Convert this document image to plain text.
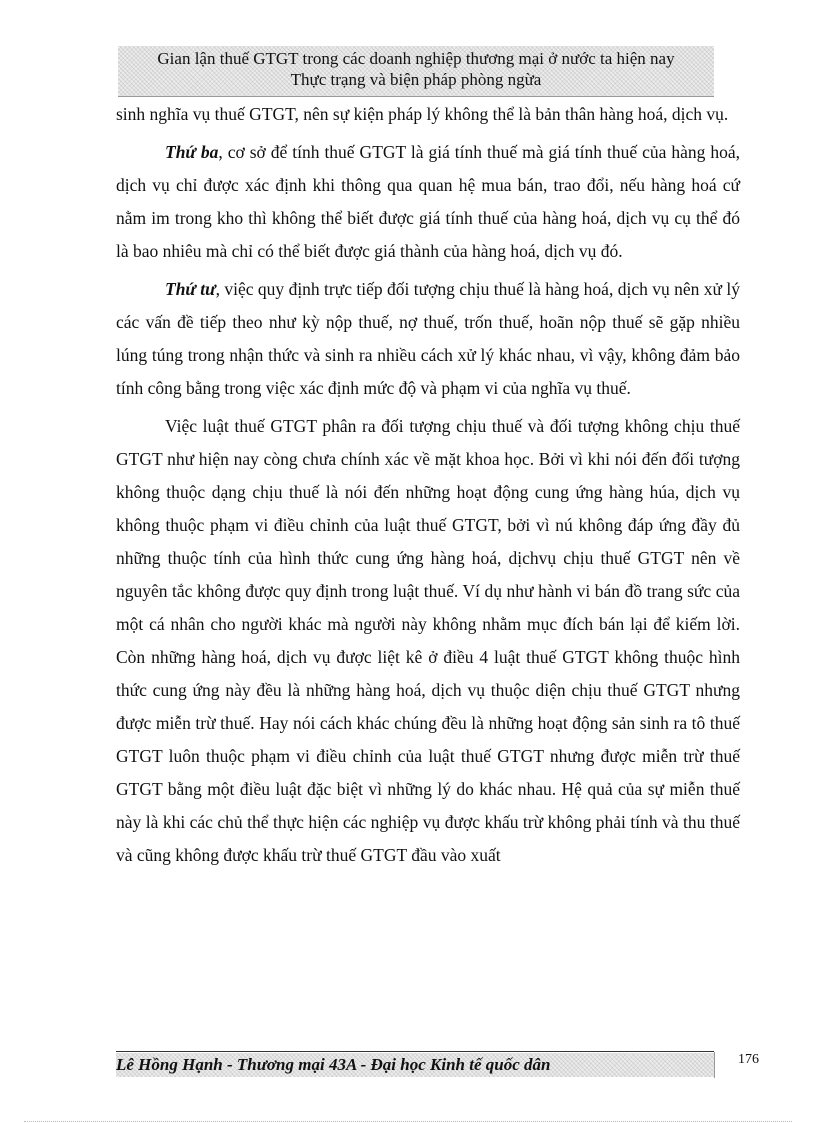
Gian lận thuế GTGT trong các doanh nghiệp thương mại ở nước ta hiện nay
Thực trạng và biện pháp phòng ngừa

sinh nghĩa vụ thuế GTGT, nên sự kiện pháp lý không thể là bản thân hàng hoá, dịch vụ.

Thứ ba, cơ sở để tính thuế GTGT là giá tính thuế mà giá tính thuế của hàng hoá, dịch vụ chỉ được xác định khi thông qua quan hệ mua bán, trao đổi, nếu hàng hoá cứ nằm im trong kho thì không thể biết được giá tính thuế của hàng hoá, dịch vụ cụ thể đó là bao nhiêu mà chỉ có thể biết được giá thành của hàng hoá, dịch vụ đó.

Thứ tư, việc quy định trực tiếp đối tượng chịu thuế là hàng hoá, dịch vụ nên xử lý các vấn đề tiếp theo như kỳ nộp thuế, nợ thuế, trốn thuế, hoãn nộp thuế sẽ gặp nhiều lúng túng trong nhận thức và sinh ra nhiều cách xử lý khác nhau, vì vậy, không đảm bảo tính công bằng trong việc xác định mức độ và phạm vi của nghĩa vụ thuế.

Việc luật thuế GTGT phân ra đối tượng chịu thuế và đối tượng không chịu thuế GTGT như hiện nay còng chưa chính xác về mặt khoa học. Bởi vì khi nói đến đối tượng không thuộc dạng chịu thuế là nói đến những hoạt động cung ứng hàng húa, dịch vụ không thuộc phạm vi điều chỉnh của luật thuế GTGT, bởi vì nú không đáp ứng đầy đủ những thuộc tính của hình thức cung ứng hàng hoá, dịchvụ chịu thuế GTGT nên về nguyên tắc không được quy định trong luật thuế. Ví dụ như hành vi bán đồ trang sức của một cá nhân cho người khác mà người này không nhằm mục đích bán lại để kiếm lời. Còn những hàng hoá, dịch vụ được liệt kê ở điều 4 luật thuế GTGT không thuộc hình thức cung ứng này đều là những hàng hoá, dịch vụ thuộc diện chịu thuế GTGT nhưng được miễn trừ thuế. Hay nói cách khác chúng đều là những hoạt động sản sinh ra tô thuế GTGT luôn thuộc phạm vi điều chỉnh của luật thuế GTGT nhưng được miễn trừ thuế GTGT bằng một điều luật đặc biệt vì những lý do khác nhau. Hệ quả của sự miễn thuế này là khi các chủ thể thực hiện các nghiệp vụ được khấu trừ không phải tính và thu thuế và cũng không được khấu trừ thuế GTGT đầu vào xuất

Lê Hồng Hạnh - Thương mại 43A - Đại học Kinh tế quốc dân	176
